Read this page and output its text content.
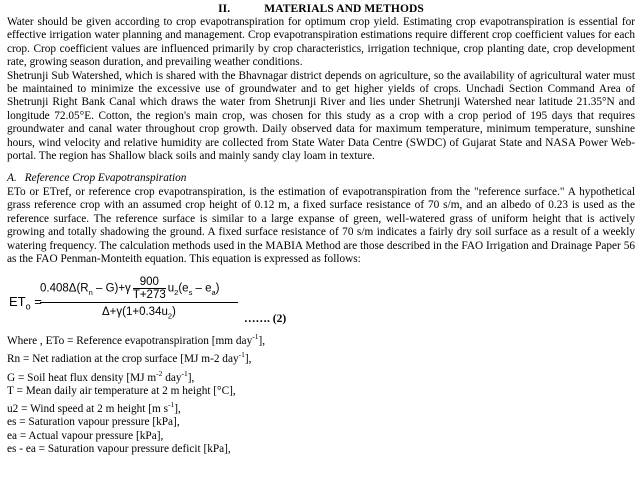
II.	MATERIALS AND METHODS

Water should be given according to crop evapotranspiration for optimum crop yield. Estimating crop evapotranspiration is essential for effective irrigation water planning and management. Crop evapotranspiration estimations require different crop coefficient values for each crop. Crop coefficient values are influenced primarily by crop characteristics, irrigation technique, crop planting date, crop development rate, growing season duration, and prevailing weather conditions.

Shetrunji Sub Watershed, which is shared with the Bhavnagar district depends on agriculture, so the availability of agricultural water must be maintained to minimize the excessive use of groundwater and to get higher yields of crops. Unchadi Section Command Area of Shetrunji Right Bank Canal which draws the water from Shetrunji River and lies under Shetrunji Watershed near latitude 21.35°N and longitude 72.05°E. Cotton, the region's main crop, was chosen for this study as a crop with a crop period of 195 days that requires groundwater and canal water throughout crop growth. Daily observed data for maximum temperature, minimum temperature, sunshine hours, wind velocity and relative humidity are collected from State Water Data Centre (SWDC) of Gujarat State and NASA Power Web-portal. The region has Shallow black soils and mainly sandy clay loam in texture.

A. Reference Crop Evapotranspiration

ETo or ETref, or reference crop evapotranspiration, is the estimation of evapotranspiration from the "reference surface." A hypothetical grass reference crop with an assumed crop height of 0.12 m, a fixed surface resistance of 70 s/m, and an albedo of 0.23 is used as the reference surface. The reference surface is similar to a large expanse of green, well-watered grass of uniform height that is actively growing and totally shadowing the ground. A fixed surface resistance of 70 s/m indicates a fairly dry soil surface as a result of a weekly watering frequency. The calculation methods used in the MABIA Method are those described in the FAO Irrigation and Drainage Paper 56 as the FAO Penman-Monteith equation. This equation is expressed as follows:

$ET_o$ =
$0.408\Delta(R_n - G)+\gamma \frac{900}{T+273} u_2(e_s - e_a)$
$\Delta+\gamma(1+0.34u_2)$
……. (2)

Where , ETo = Reference evapotranspiration [mm day$^{-1}$],

Rn = Net radiation at the crop surface [MJ m-2 day$^{-1}$],

G = Soil heat flux density [MJ $m^{-2}$ day$^{-1}$],

T = Mean daily air temperature at 2 m height [°C],

u2 = Wind speed at 2 m height [m $s^{-1}$],

es = Saturation vapour pressure [kPa],

ea = Actual vapour pressure [kPa],

es - ea = Saturation vapour pressure deficit [kPa],
